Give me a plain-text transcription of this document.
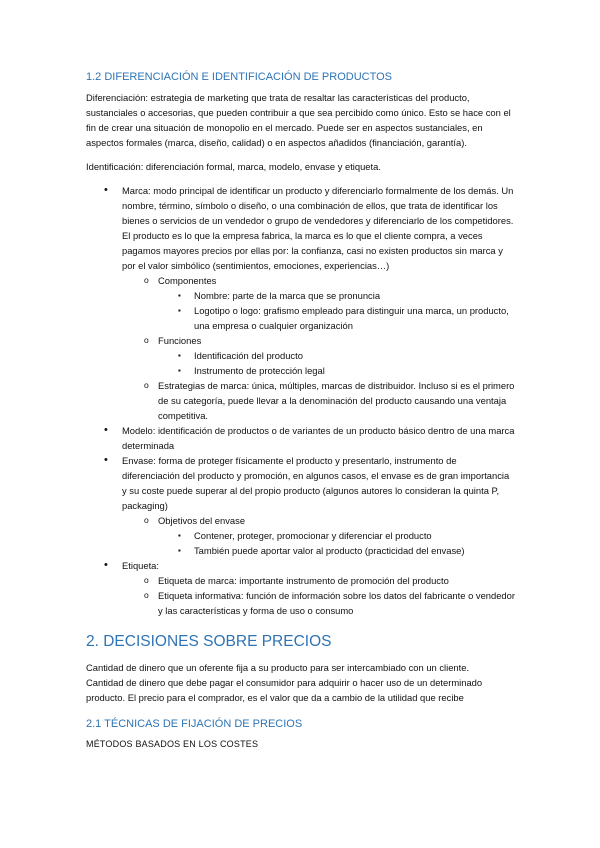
1.2 DIFERENCIACIÓN E IDENTIFICACIÓN DE PRODUCTOS

Diferenciación: estrategia de marketing que trata de resaltar las características del producto, sustanciales o accesorias, que pueden contribuir a que sea percibido como único. Esto se hace con el fin de crear una situación de monopolio en el mercado. Puede ser en aspectos sustanciales, en aspectos formales (marca, diseño, calidad) o en aspectos añadidos (financiación, garantía).

Identificación: diferenciación formal, marca, modelo, envase y etiqueta.

• Marca: modo principal de identificar un producto y diferenciarlo formalmente de los demás. Un nombre, término, símbolo o diseño, o una combinación de ellos, que trata de identificar los bienes o servicios de un vendedor o grupo de vendedores y diferenciarlo de los competidores. El producto es lo que la empresa fabrica, la marca es lo que el cliente compra, a veces pagamos mayores precios por ellas por: la confianza, casi no existen productos sin marca y por el valor simbólico (sentimientos, emociones, experiencias…)
o Componentes
▪ Nombre: parte de la marca que se pronuncia
▪ Logotipo o logo: grafismo empleado para distinguir una marca, un producto, una empresa o cualquier organización
o Funciones
▪ Identificación del producto
▪ Instrumento de protección legal
o Estrategias de marca: única, múltiples, marcas de distribuidor. Incluso si es el primero de su categoría, puede llevar a la denominación del producto causando una ventaja competitiva.
• Modelo: identificación de productos o de variantes de un producto básico dentro de una marca determinada
• Envase: forma de proteger físicamente el producto y presentarlo, instrumento de diferenciación del producto y promoción, en algunos casos, el envase es de gran importancia y su coste puede superar al del propio producto (algunos autores lo consideran la quinta P, packaging)
o Objetivos del envase
▪ Contener, proteger, promocionar y diferenciar el producto
▪ También puede aportar valor al producto (practicidad del envase)
• Etiqueta:
o Etiqueta de marca: importante instrumento de promoción del producto
o Etiqueta informativa: función de información sobre los datos del fabricante o vendedor y las características y forma de uso o consumo
2. DECISIONES SOBRE PRECIOS

Cantidad de dinero que un oferente fija a su producto para ser intercambiado con un cliente.

Cantidad de dinero que debe pagar el consumidor para adquirir o hacer uso de un determinado producto. El precio para el comprador, es el valor que da a cambio de la utilidad que recibe

2.1 TÉCNICAS DE FIJACIÓN DE PRECIOS

MÉTODOS BASADOS EN LOS COSTES
